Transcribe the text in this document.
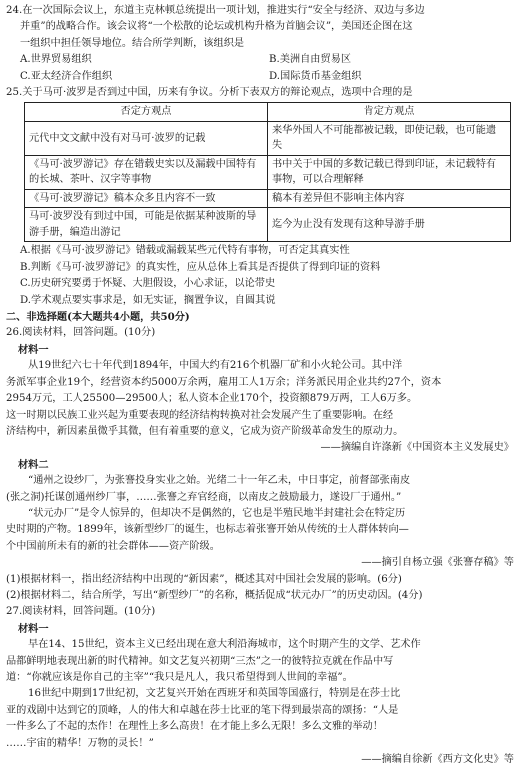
24.在一次国际会议上，东道主克林顿总统提出一项计划，推进实行“安全与经济、双边与多边
并重”的战略合作。该会议将“一个松散的论坛或机构升格为首脑会议”，美国还企图在这
一组织中担任领导地位。结合所学判断，该组织是
A.世界贸易组织	B.美洲自由贸易区
C.亚太经济合作组织	D.国际货币基金组织
25.关于马可·波罗是否到过中国，历来有争议。分析下表双方的辩论观点，选项中合理的是
否定方观点	肯定方观点
元代中文文献中没有对马可·波罗的记载	来华外国人不可能都被记载，即使记载，也可能遗失
《马可·波罗游记》存在错载史实以及漏载中国特有的长城、茶叶、汉字等事物	书中关于中国的多数记载已得到印证，未记载特有事物，可以合理解释
《马可·波罗游记》稿本众多且内容不一致	稿本有差异但不影响主体内容
马可·波罗没有到过中国，可能是依据某种波斯的导游手册，编造出游记	迄今为止没有发现有这种导游手册
A.根据《马可·波罗游记》错载或漏载某些元代特有事物，可否定其真实性
B.判断《马可·波罗游记》的真实性，应从总体上看其是否提供了得到印证的资料
C.历史研究要勇于怀疑、大胆假设，小心求证，以论带史
D.学术观点要实事求是，如无实证，搁置争议，自圆其说
二、非选择题(本大题共4小题，共50分)
26.阅读材料，回答问题。(10分)
材料一
从19世纪六七十年代到1894年，中国大约有216个机器厂矿和小火轮公司。其中洋
务派军事企业19个，经营资本约5000万余两，雇用工人1万余；洋务派民用企业共约27个，资本
2954万元，工人25500—29500人；私人资本企业170个，投资额879万两，工人6万多。
这一时期以民族工业兴起为重要表现的经济结构转换对社会发展产生了重要影响。在经
济结构中，新因素虽微乎其微，但有着重要的意义，它成为资产阶级革命发生的原动力。
——摘编自许涤新《中国资本主义发展史》
材料二
“通州之设纱厂，为张謇投身实业之始。光绪二十一年乙未，中日事定，前督部张南皮
(张之洞)托谋创通州纱厂事，……张謇之弃官经商，以南皮之鼓励最力，遂设厂于通州。”
“状元办厂”是令人惊异的，但却决不是偶然的，它也是半殖民地半封建社会在特定历
史时期的产物。1899年，该新型纱厂的诞生，也标志着张謇开始从传统的士人群体转向—
个中国前所未有的新的社会群体——资产阶级。
——摘引自杨立强《张謇存稿》等
(1)根据材料一，指出经济结构中出现的“新因素”，概述其对中国社会发展的影响。(6分)
(2)根据材料二，结合所学，写出“新型纱厂”的名称，概括促成“状元办厂”的历史动因。(4分)
27.阅读材料，回答问题。(10分)
材料一
早在14、15世纪，资本主义已经出现在意大利沿海城市，这个时期产生的文学、艺术作
品都鲜明地表现出新的时代精神。如文艺复兴初期“三杰”之一的彼特拉克就在作品中写
道：“你就应该是你自己的主宰”“我只是凡人，我只希望得到人世间的幸福”。
16世纪中期到17世纪初，文艺复兴开始在西班牙和英国等国盛行，特别是在莎士比
亚的戏剧中达到它的顶峰，人的伟大和卓越在莎士比亚的笔下得到最崇高的颂扬：“人是
一件多么了不起的杰作！在理性上多么高贵！在才能上多么无限！多么文雅的举动！
……宇宙的精华！万物的灵长！”
——摘编自徐新《西方文化史》等
